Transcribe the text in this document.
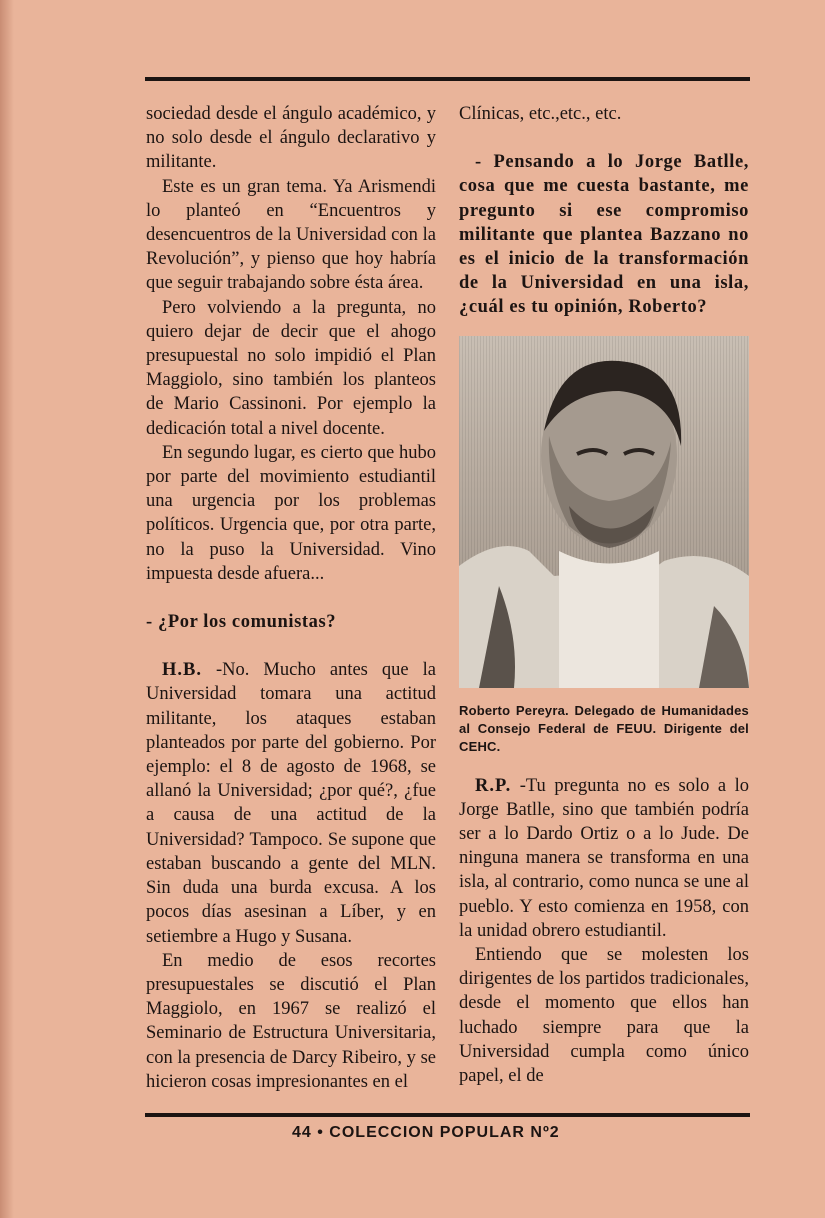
sociedad desde el ángulo académico, y no solo desde el ángulo declarativo y militante.

Este es un gran tema. Ya Arismendi lo planteó en “Encuentros y desencuentros de la Universidad con la Revolución”, y pienso que hoy habría que seguir trabajando sobre ésta área.

Pero volviendo a la pregunta, no quiero dejar de decir que el ahogo presupuestal no solo impidió el Plan Maggiolo, sino también los planteos de Mario Cassinoni. Por ejemplo la dedicación total a nivel docente.

En segundo lugar, es cierto que hubo por parte del movimiento estudiantil una urgencia por los problemas políticos. Urgencia que, por otra parte, no la puso la Universidad. Vino impuesta desde afuera...

- ¿Por los comunistas?

H.B. -No. Mucho antes que la Universidad tomara una actitud militante, los ataques estaban planteados por parte del gobierno. Por ejemplo: el 8 de agosto de 1968, se allanó la Universidad; ¿por qué?, ¿fue a causa de una actitud de la Universidad? Tampoco. Se supone que estaban buscando a gente del MLN. Sin duda una burda excusa. A los pocos días asesinan a Líber, y en setiembre a Hugo y Susana.

En medio de esos recortes presupuestales se discutió el Plan Maggiolo, en 1967 se realizó el Seminario de Estructura Universitaria, con la presencia de Darcy Ribeiro, y se hicieron cosas impresionantes en el

Clínicas, etc.,etc., etc.

- Pensando a lo Jorge Batlle, cosa que me cuesta bastante, me pregunto si ese compromiso militante que plantea Bazzano no es el inicio de la transformación de la Universidad en una isla, ¿cuál es tu opinión, Roberto?

Roberto Pereyra. Delegado de Humanidades al Consejo Federal de FEUU. Dirigente del CEHC.

R.P. -Tu pregunta no es solo a lo Jorge Batlle, sino que también podría ser a lo Dardo Ortiz o a lo Jude. De ninguna manera se transforma en una isla, al contrario, como nunca se une al pueblo. Y esto comienza en 1958, con la unidad obrero estudiantil.

Entiendo que se molesten los dirigentes de los partidos tradicionales, desde el momento que ellos han luchado siempre para que la Universidad cumpla como único papel, el de

44 • COLECCION POPULAR Nº2
